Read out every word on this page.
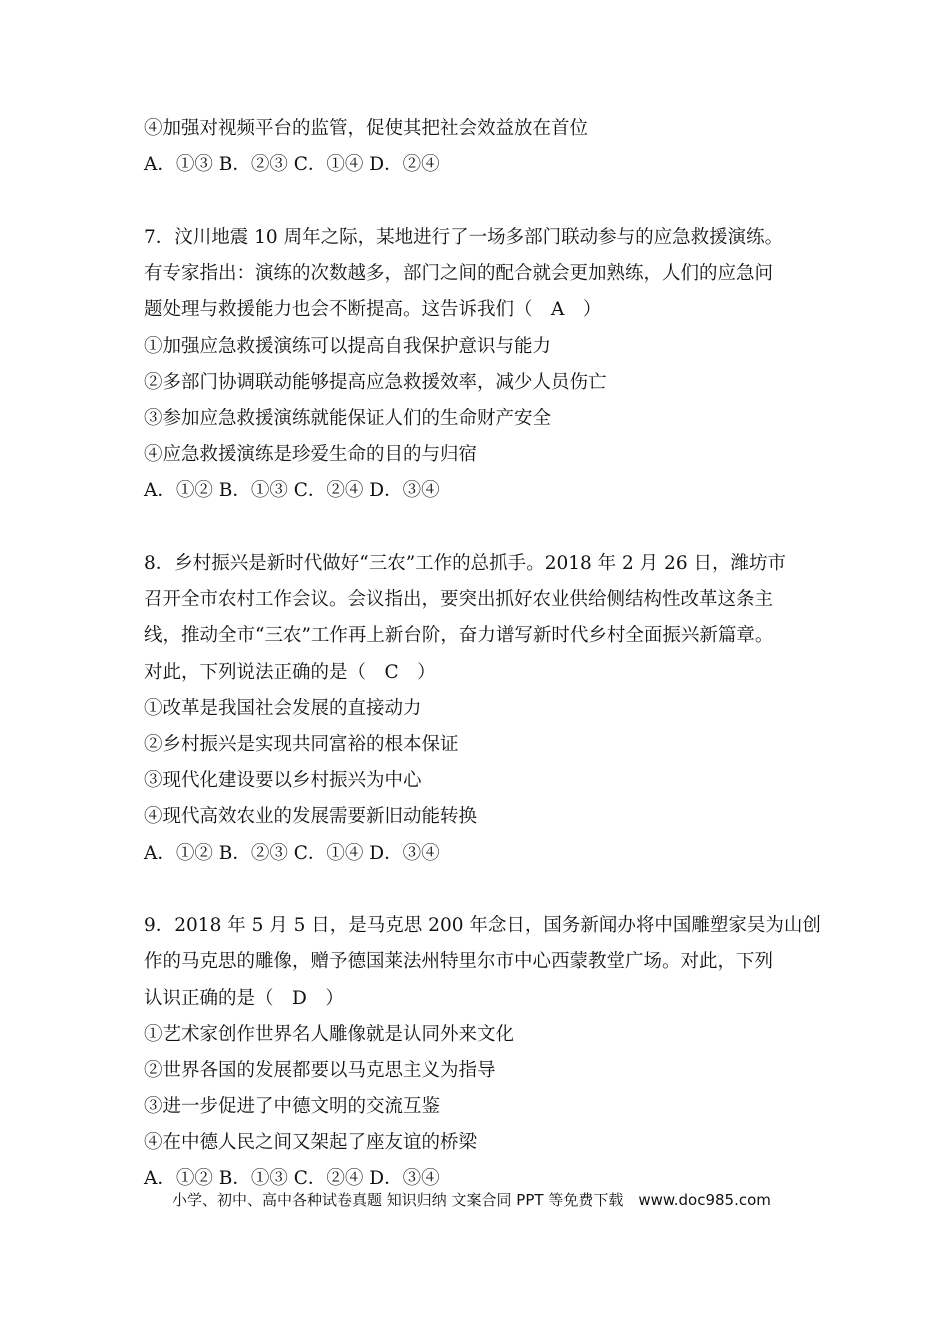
④加强对视频平台的监管，促使其把社会效益放在首位
A．①③ B．②③ C．①④ D．②④
7．汶川地震 10 周年之际，某地进行了一场多部门联动参与的应急救援演练。
有专家指出：演练的次数越多，部门之间的配合就会更加熟练，人们的应急问
题处理与救援能力也会不断提高。这告诉我们（　A　）
①加强应急救援演练可以提高自我保护意识与能力
②多部门协调联动能够提高应急救援效率，减少人员伤亡
③参加应急救援演练就能保证人们的生命财产安全
④应急救援演练是珍爱生命的目的与归宿
A．①② B．①③ C．②④ D．③④
8．乡村振兴是新时代做好“三农”工作的总抓手。2018 年 2 月 26 日，潍坊市
召开全市农村工作会议。会议指出，要突出抓好农业供给侧结构性改革这条主
线，推动全市“三农”工作再上新台阶，奋力谱写新时代乡村全面振兴新篇章。
对此，下列说法正确的是（　C　）
①改革是我国社会发展的直接动力
②乡村振兴是实现共同富裕的根本保证
③现代化建设要以乡村振兴为中心
④现代高效农业的发展需要新旧动能转换
A．①② B．②③ C．①④ D．③④
9．2018 年 5 月 5 日，是马克思 200 年念日，国务新闻办将中国雕塑家吴为山创
作的马克思的雕像，赠予德国莱法州特里尔市中心西蒙教堂广场。对此，下列
认识正确的是（　D　）
①艺术家创作世界名人雕像就是认同外来文化
②世界各国的发展都要以马克思主义为指导
③进一步促进了中德文明的交流互鉴
④在中德人民之间又架起了座友谊的桥梁
A．①② B．①③ C．②④ D．③④
小学、初中、高中各种试卷真题 知识归纳 文案合同 PPT 等免费下载　www.doc985.com
